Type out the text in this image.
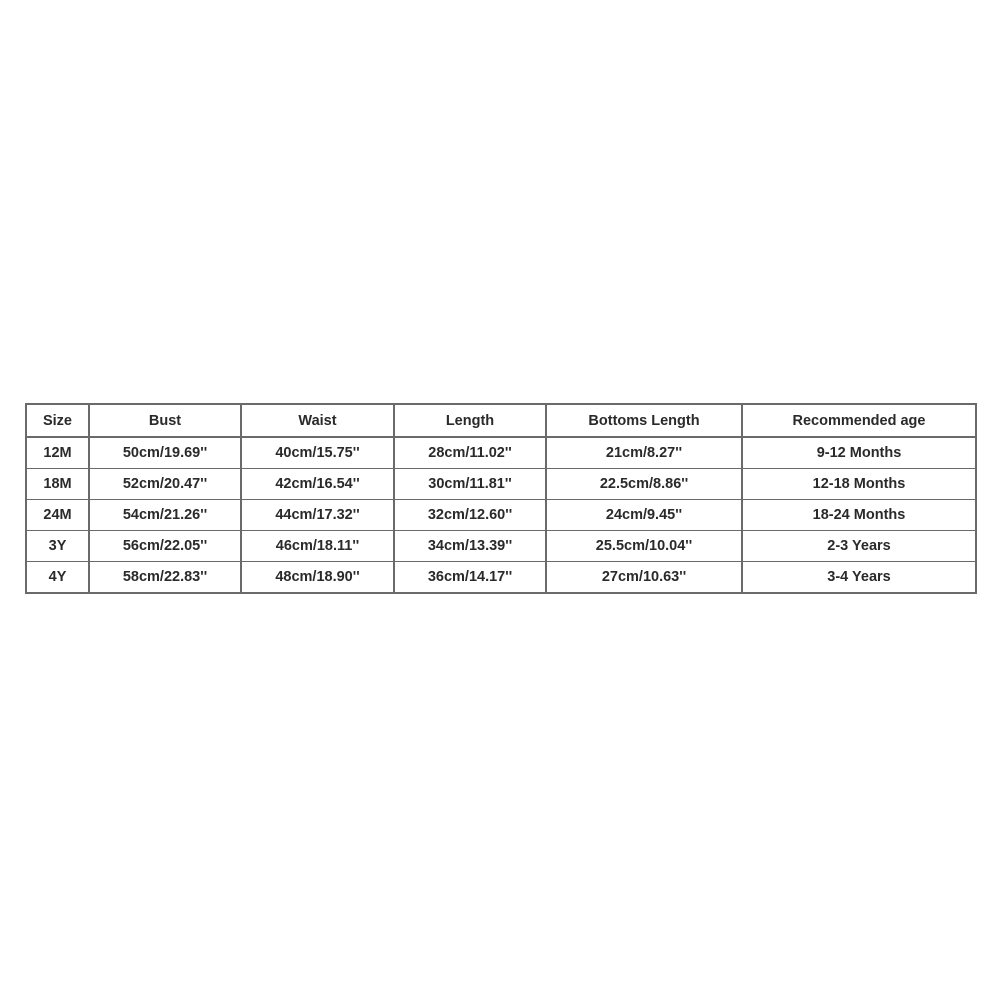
Size	Bust	Waist	Length	Bottoms Length	Recommended age
12M	50cm/19.69''	40cm/15.75''	28cm/11.02''	21cm/8.27''	9-12 Months
18M	52cm/20.47''	42cm/16.54''	30cm/11.81''	22.5cm/8.86''	12-18 Months
24M	54cm/21.26''	44cm/17.32''	32cm/12.60''	24cm/9.45''	18-24 Months
3Y	56cm/22.05''	46cm/18.11''	34cm/13.39''	25.5cm/10.04''	2-3 Years
4Y	58cm/22.83''	48cm/18.90''	36cm/14.17''	27cm/10.63''	3-4 Years
